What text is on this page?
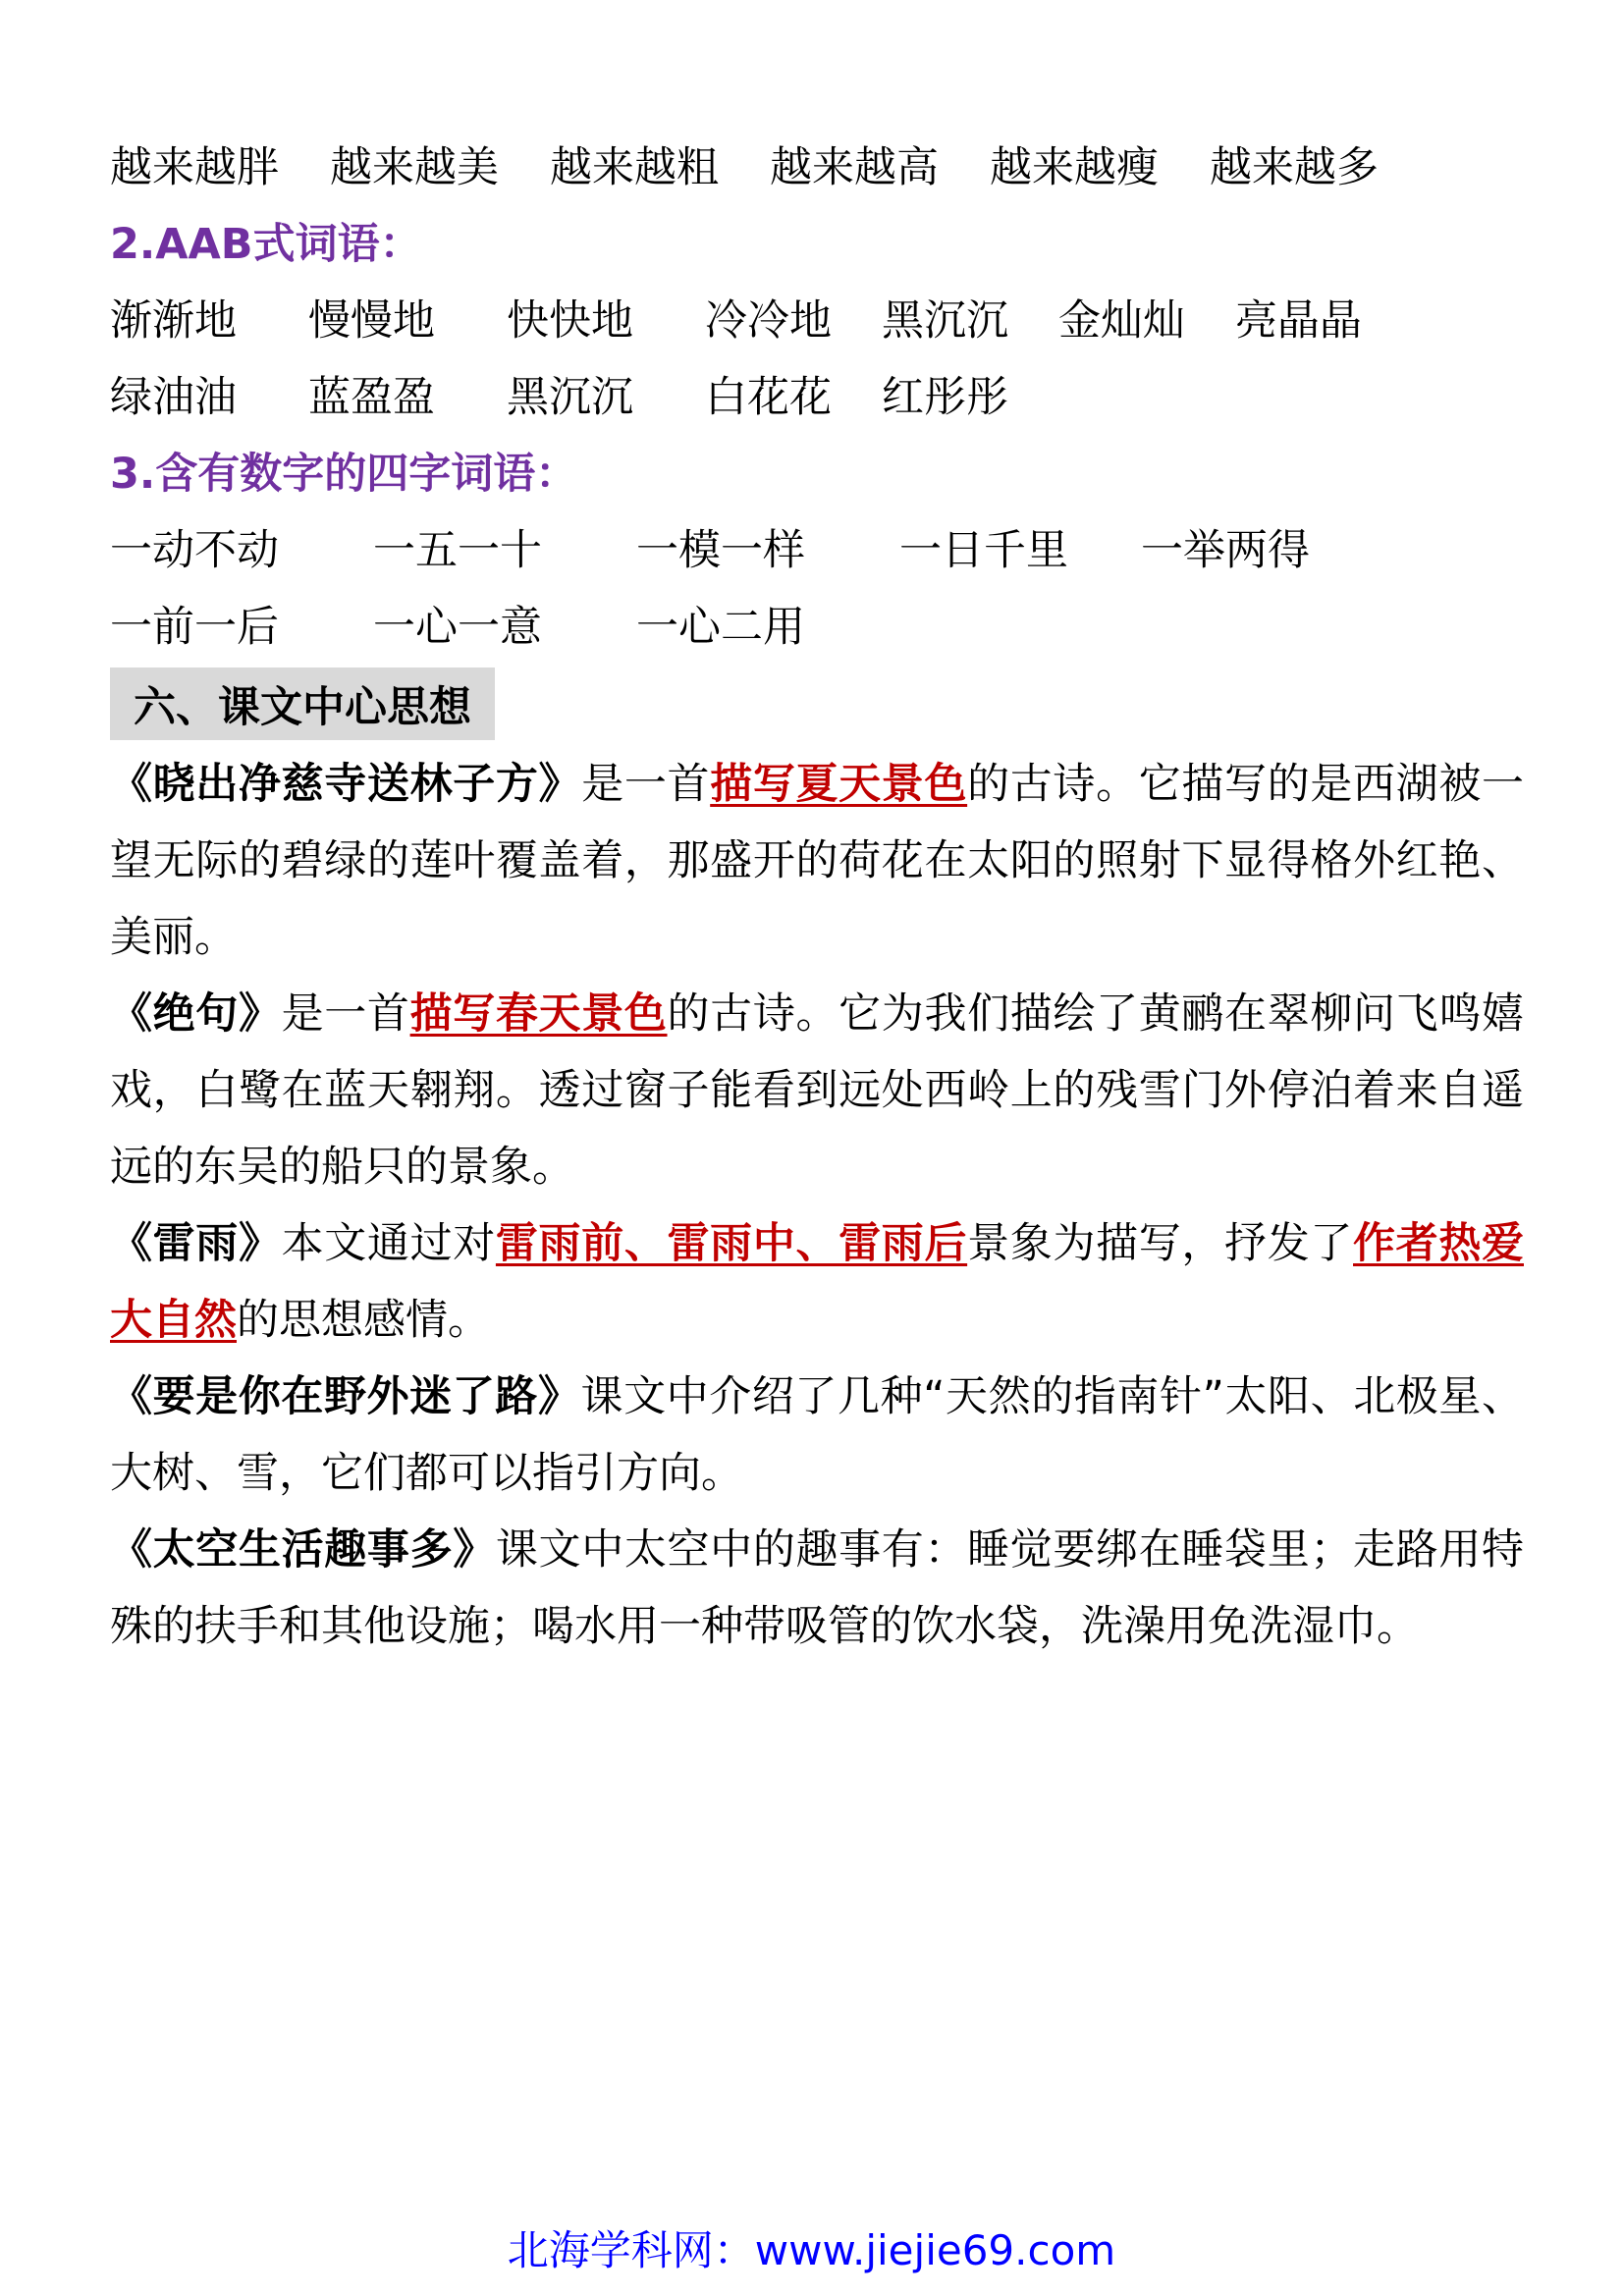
越来越胖	越来越美	越来越粗	越来越高	越来越瘦	越来越多
2.AAB式词语：
渐渐地	慢慢地	快快地	冷冷地	黑沉沉	金灿灿	亮晶晶
绿油油	蓝盈盈	黑沉沉	白花花	红彤彤
3.含有数字的四字词语：
一动不动	一五一十	一模一样	一日千里	一举两得
一前一后	一心一意	一心二用
六、课文中心思想

《晓出净慈寺送林子方》是一首描写夏天景色的古诗。它描写的是西湖被一望无际的碧绿的莲叶覆盖着，那盛开的荷花在太阳的照射下显得格外红艳、美丽。

《绝句》是一首描写春天景色的古诗。它为我们描绘了黄鹂在翠柳问飞鸣嬉戏，白鹭在蓝天翱翔。透过窗子能看到远处西岭上的残雪门外停泊着来自遥远的东吴的船只的景象。

《雷雨》本文通过对雷雨前、雷雨中、雷雨后景象为描写，抒发了作者热爱大自然的思想感情。

《要是你在野外迷了路》课文中介绍了几种“天然的指南针”太阳、北极星、大树、雪，它们都可以指引方向。

《太空生活趣事多》课文中太空中的趣事有：睡觉要绑在睡袋里；走路用特殊的扶手和其他设施；喝水用一种带吸管的饮水袋，洗澡用免洗湿巾。

北海学科网：www.jiejie69.com
